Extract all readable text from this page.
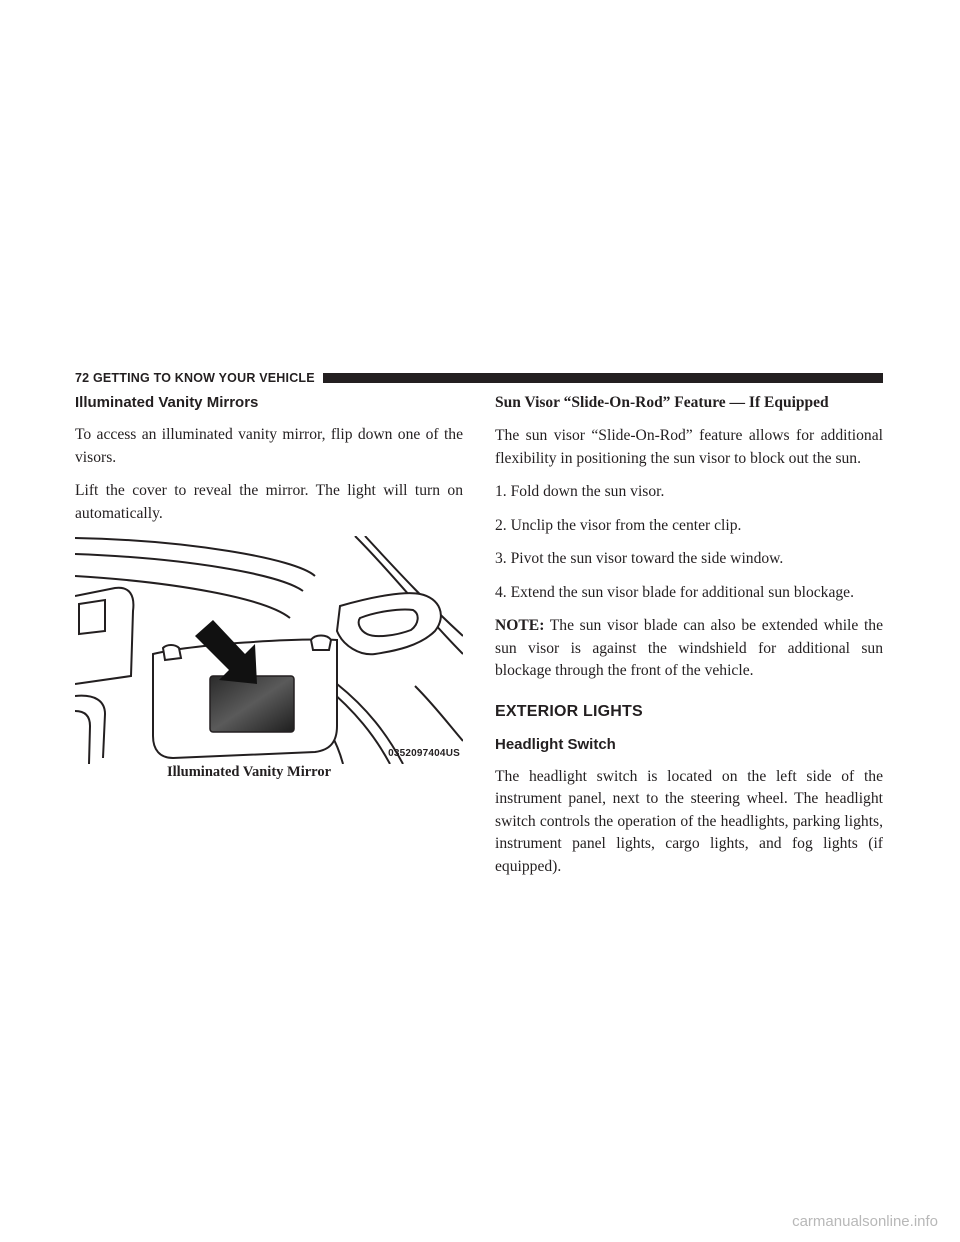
72 GETTING TO KNOW YOUR VEHICLE
Illuminated Vanity Mirrors

To access an illuminated vanity mirror, flip down one of the visors.

Lift the cover to reveal the mirror. The light will turn on automatically.

0352097404US
Illuminated Vanity Mirror
Sun Visor “Slide-On-Rod” Feature — If Equipped

The sun visor “Slide-On-Rod” feature allows for additional flexibility in positioning the sun visor to block out the sun.

1. Fold down the sun visor.

2. Unclip the visor from the center clip.

3. Pivot the sun visor toward the side window.

4. Extend the sun visor blade for additional sun blockage.

NOTE: The sun visor blade can also be extended while the sun visor is against the windshield for additional sun blockage through the front of the vehicle.

EXTERIOR LIGHTS
Headlight Switch

The headlight switch is located on the left side of the instrument panel, next to the steering wheel. The headlight switch controls the operation of the headlights, parking lights, instrument panel lights, cargo lights, and fog lights (if equipped).

carmanualsonline.info
